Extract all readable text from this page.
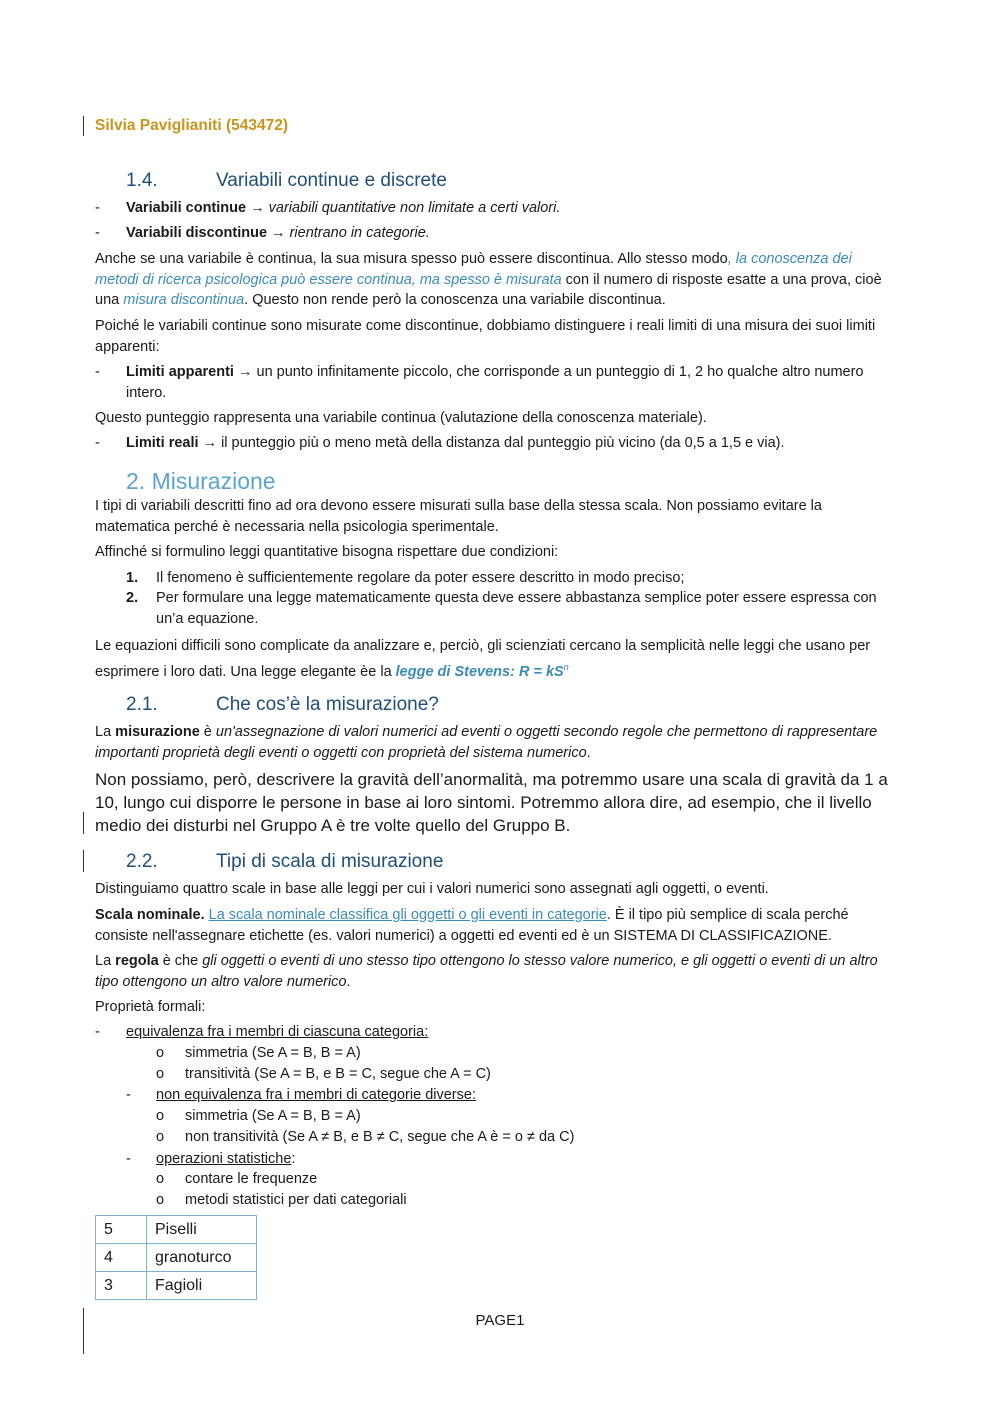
Silvia Paviglianiti (543472)
1.4.	Variabili continue e discrete
- Variabili continue → variabili quantitative non limitate a certi valori.
- Variabili discontinue → rientrano in categorie.
Anche se una variabile è continua, la sua misura spesso può essere discontinua. Allo stesso modo, la conoscenza dei metodi di ricerca psicologica può essere continua, ma spesso è misurata con il numero di risposte esatte a una prova, cioè una misura discontinua. Questo non rende però la conoscenza una variabile discontinua.
Poiché le variabili continue sono misurate come discontinue, dobbiamo distinguere i reali limiti di una misura dei suoi limiti apparenti:
- Limiti apparenti → un punto infinitamente piccolo, che corrisponde a un punteggio di 1, 2 ho qualche altro numero intero.
Questo punteggio rappresenta una variabile continua (valutazione della conoscenza materiale).
- Limiti reali → il punteggio più o meno metà della distanza dal punteggio più vicino (da 0,5 a 1,5 e via).
2. Misurazione
I tipi di variabili descritti fino ad ora devono essere misurati sulla base della stessa scala. Non possiamo evitare la matematica perché è necessaria nella psicologia sperimentale.
Affinché si formulino leggi quantitative bisogna rispettare due condizioni:
1. Il fenomeno è sufficientemente regolare da poter essere descritto in modo preciso;
2. Per formulare una legge matematicamente questa deve essere abbastanza semplice poter essere espressa con un’a equazione.
Le equazioni difficili sono complicate da analizzare e, perciò, gli scienziati cercano la semplicità nelle leggi che usano per esprimere i loro dati. Una legge elegante èe la legge di Stevens: $R = kS^n$
2.1.	Che cos’è la misurazione?
La misurazione è un'assegnazione di valori numerici ad eventi o oggetti secondo regole che permettono di rappresentare importanti proprietà degli eventi o oggetti con proprietà del sistema numerico.
Non possiamo, però, descrivere la gravità dell’anormalità, ma potremmo usare una scala di gravità da 1 a 10, lungo cui disporre le persone in base ai loro sintomi. Potremmo allora dire, ad esempio, che il livello medio dei disturbi nel Gruppo A è tre volte quello del Gruppo B.
2.2.	Tipi di scala di misurazione
Distinguiamo quattro scale in base alle leggi per cui i valori numerici sono assegnati agli oggetti, o eventi.
Scala nominale. La scala nominale classifica gli oggetti o gli eventi in categorie. È il tipo più semplice di scala perché consiste nell'assegnare etichette (es. valori numerici) a oggetti ed eventi ed è un SISTEMA DI CLASSIFICAZIONE.
La regola è che gli oggetti o eventi di uno stesso tipo ottengono lo stesso valore numerico, e gli oggetti o eventi di un altro tipo ottengono un altro valore numerico.
Proprietà formali:
- equivalenza fra i membri di ciascuna categoria:
o simmetria (Se A = B, B = A)
o transitività (Se A = B, e B = C, segue che A = C)
- non equivalenza fra i membri di categorie diverse:
o simmetria (Se A = B, B = A)
o non transitività (Se A ≠ B, e B ≠ C, segue che A è = o ≠ da C)
- operazioni statistiche:
o contare le frequenze
o metodi statistici per dati categoriali
5	Piselli
4	granoturco
3	Fagioli
PAGE1
